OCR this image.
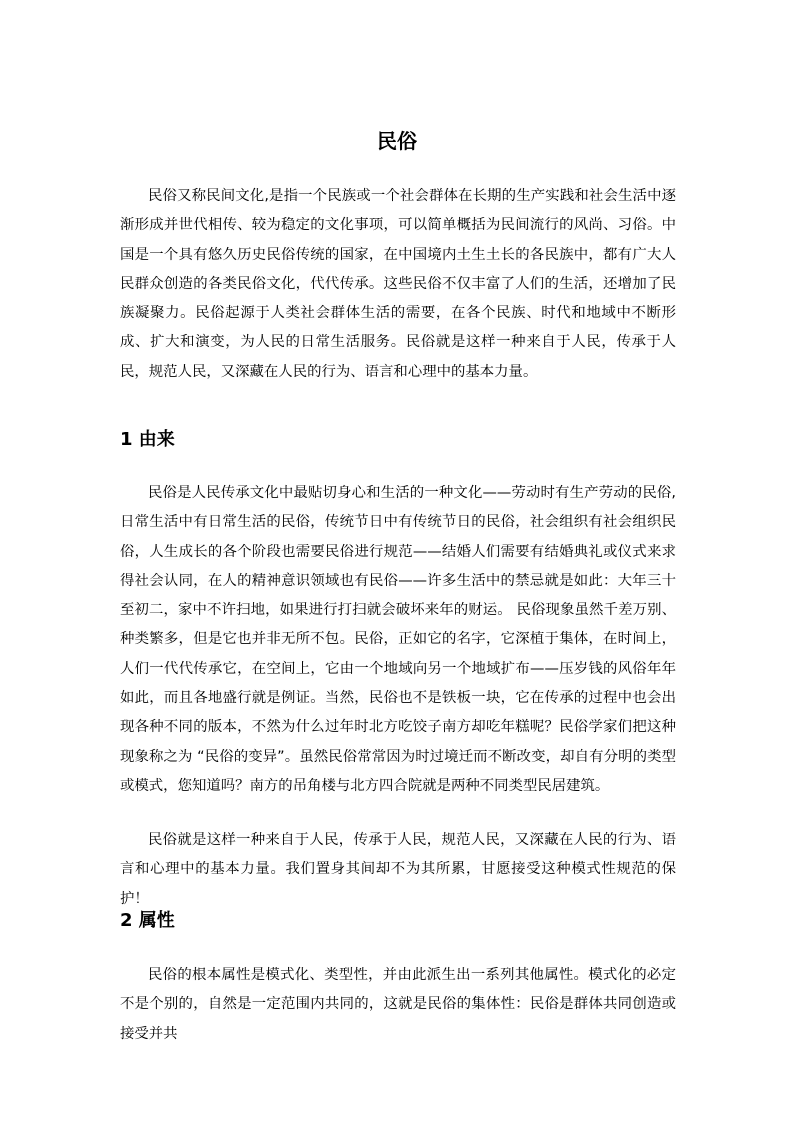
民俗

民俗又称民间文化,是指一个民族或一个社会群体在长期的生产实践和社会生活中逐渐形成并世代相传、较为稳定的文化事项，可以简单概括为民间流行的风尚、习俗。中国是一个具有悠久历史民俗传统的国家，在中国境内土生土长的各民族中，都有广大人民群众创造的各类民俗文化，代代传承。这些民俗不仅丰富了人们的生活，还增加了民族凝聚力。民俗起源于人类社会群体生活的需要，在各个民族、时代和地域中不断形成、扩大和演变，为人民的日常生活服务。民俗就是这样一种来自于人民，传承于人民，规范人民，又深藏在人民的行为、语言和心理中的基本力量。

1 由来

民俗是人民传承文化中最贴切身心和生活的一种文化——劳动时有生产劳动的民俗,日常生活中有日常生活的民俗，传统节日中有传统节日的民俗，社会组织有社会组织民俗，人生成长的各个阶段也需要民俗进行规范——结婚人们需要有结婚典礼或仪式来求得社会认同，在人的精神意识领域也有民俗——许多生活中的禁忌就是如此：大年三十至初二，家中不许扫地，如果进行打扫就会破坏来年的财运。 民俗现象虽然千差万别、种类繁多，但是它也并非无所不包。民俗，正如它的名字，它深植于集体，在时间上，人们一代代传承它，在空间上，它由一个地域向另一个地域扩布——压岁钱的风俗年年如此，而且各地盛行就是例证。当然，民俗也不是铁板一块，它在传承的过程中也会出现各种不同的版本，不然为什么过年时北方吃饺子南方却吃年糕呢？民俗学家们把这种现象称之为 “民俗的变异”。虽然民俗常常因为时过境迁而不断改变，却自有分明的类型或模式，您知道吗？南方的吊角楼与北方四合院就是两种不同类型民居建筑。

民俗就是这样一种来自于人民，传承于人民，规范人民，又深藏在人民的行为、语言和心理中的基本力量。我们置身其间却不为其所累，甘愿接受这种模式性规范的保护！

2 属性

民俗的根本属性是模式化、类型性，并由此派生出一系列其他属性。模式化的必定不是个别的，自然是一定范围内共同的，这就是民俗的集体性：民俗是群体共同创造或接受并共
